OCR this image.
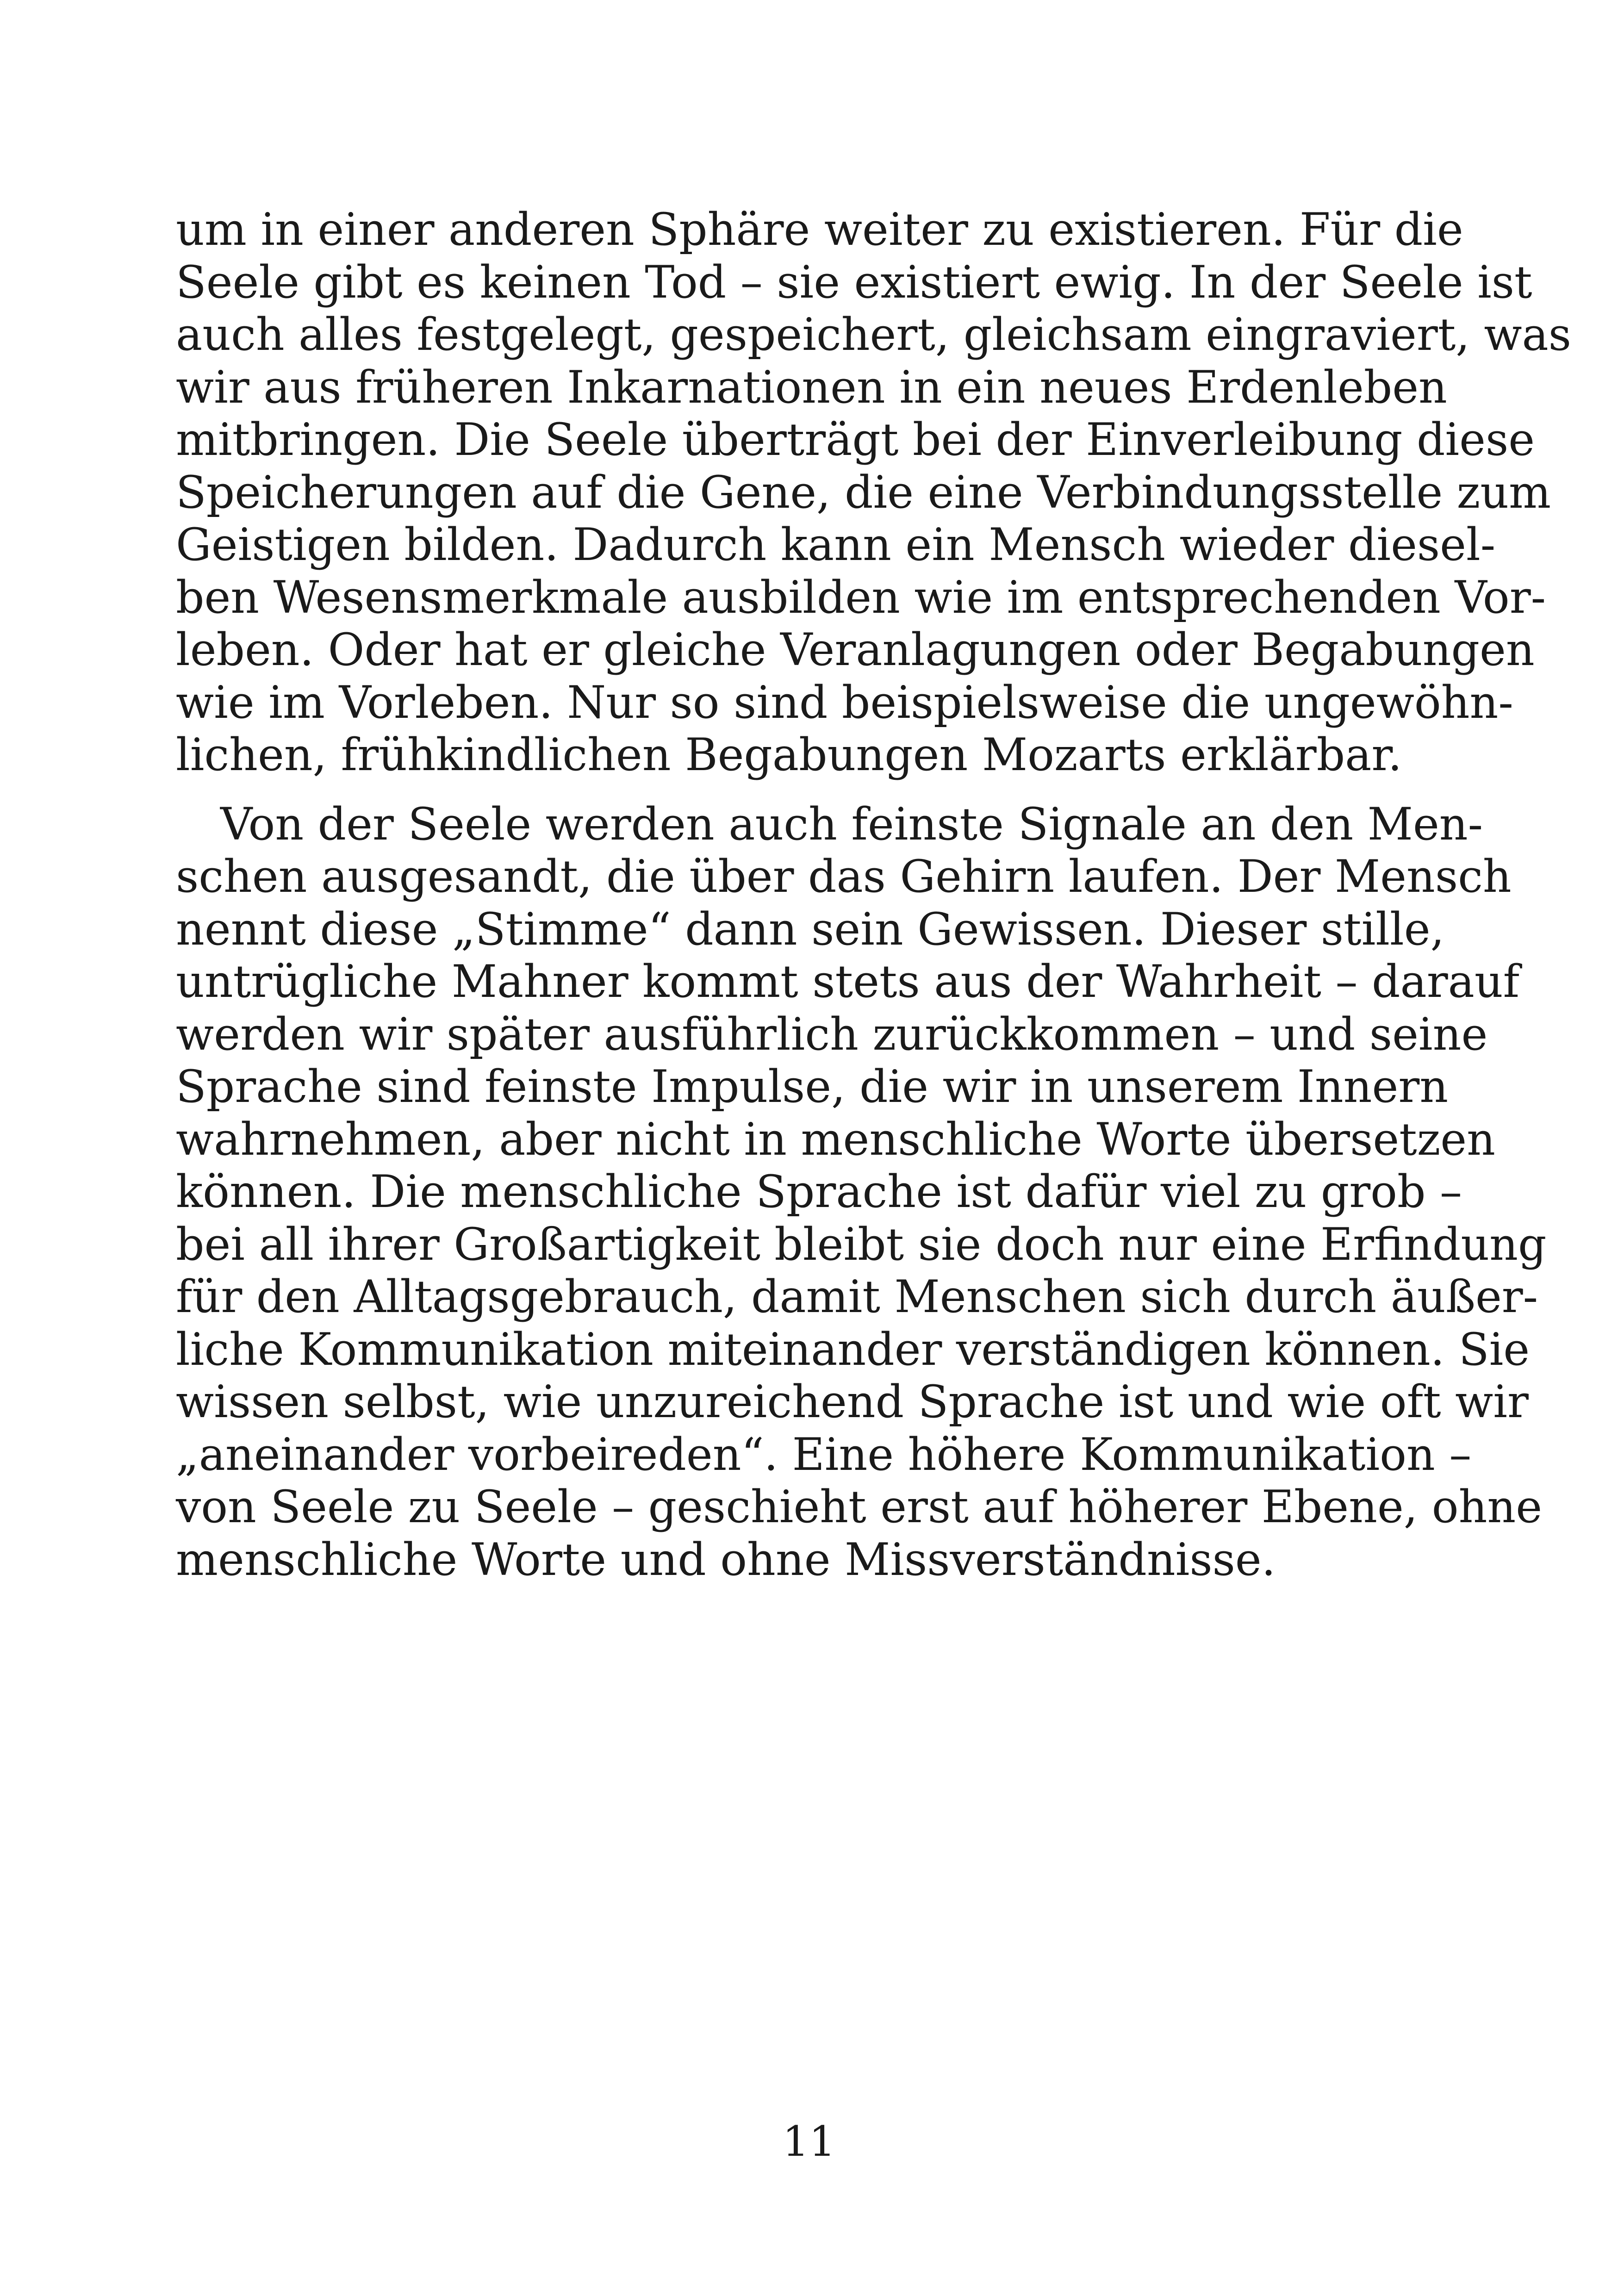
um in einer anderen Sphäre weiter zu existieren. Für die
Seele gibt es keinen Tod – sie existiert ewig. In der Seele ist
auch alles festgelegt, gespeichert, gleichsam eingraviert, was
wir aus früheren Inkarnationen in ein neues Erdenleben
mitbringen. Die Seele überträgt bei der Einverleibung diese
Speicherungen auf die Gene, die eine Verbindungsstelle zum
Geistigen bilden. Dadurch kann ein Mensch wieder diesel-
ben Wesensmerkmale ausbilden wie im entsprechenden Vor-
leben. Oder hat er gleiche Veranlagungen oder Begabungen
wie im Vorleben. Nur so sind beispielsweise die ungewöhn-
lichen, frühkindlichen Begabungen Mozarts erklärbar.
Von der Seele werden auch feinste Signale an den Men-
schen ausgesandt, die über das Gehirn laufen. Der Mensch
nennt diese „Stimme“ dann sein Gewissen. Dieser stille,
untrügliche Mahner kommt stets aus der Wahrheit – darauf
werden wir später ausführlich zurückkommen – und seine
Sprache sind feinste Impulse, die wir in unserem Innern
wahrnehmen, aber nicht in menschliche Worte übersetzen
können. Die menschliche Sprache ist dafür viel zu grob –
bei all ihrer Großartigkeit bleibt sie doch nur eine Erfindung
für den Alltagsgebrauch, damit Menschen sich durch äußer-
liche Kommunikation miteinander verständigen können. Sie
wissen selbst, wie unzureichend Sprache ist und wie oft wir
„aneinander vorbeireden“. Eine höhere Kommunikation –
von Seele zu Seele – geschieht erst auf höherer Ebene, ohne
menschliche Worte und ohne Missverständnisse.
11
